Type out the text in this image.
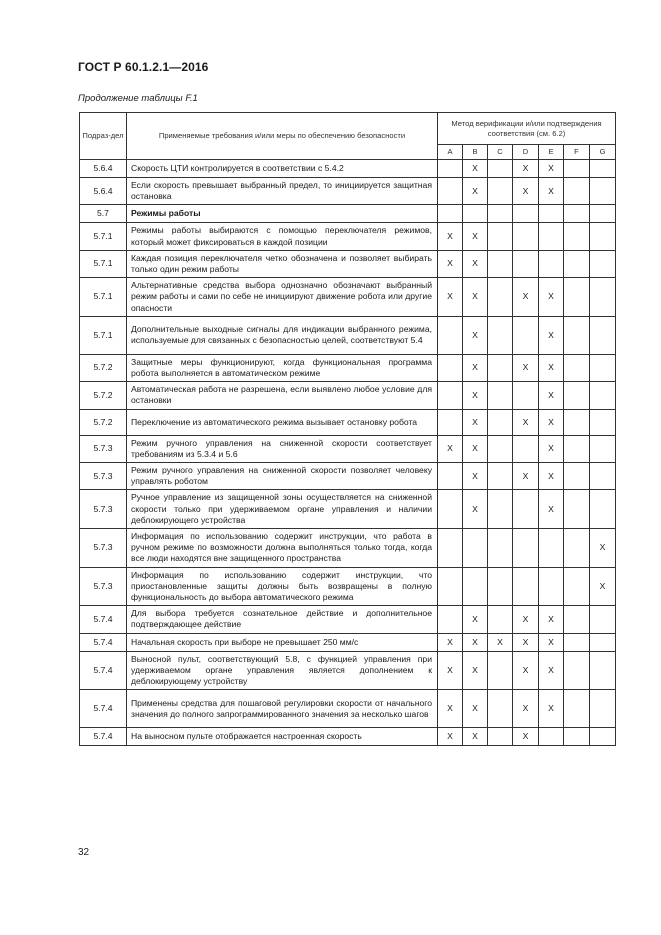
ГОСТ Р 60.1.2.1—2016
Продолжение таблицы F.1
Подраз-дел	Применяемые требования и/или меры по обеспечению безопасности	Метод верификации и/или подтверждения соответствия (см. 6.2)						
		A	B	C	D	E	F	G
5.6.4	Скорость ЦТИ контролируется в соответствии с 5.4.2		X		X	X		
5.6.4	Если скорость превышает выбранный предел, то инициируется защитная остановка		X		X	X		
5.7	Режимы работы							
5.7.1	Режимы работы выбираются с помощью переключателя режимов, который может фиксироваться в каждой позиции	X	X					
5.7.1	Каждая позиция переключателя четко обозначена и позволяет выбирать только один режим работы	X	X					
5.7.1	Альтернативные средства выбора однозначно обозначают выбранный режим работы и сами по себе не инициируют движение робота или другие опасности	X	X		X	X		
5.7.1	Дополнительные выходные сигналы для индикации выбранного режима, используемые для связанных с безопасностью целей, соответствуют 5.4		X			X		
5.7.2	Защитные меры функционируют, когда функциональная программа робота выполняется в автоматическом режиме		X		X	X		
5.7.2	Автоматическая работа не разрешена, если выявлено любое условие для остановки		X			X		
5.7.2	Переключение из автоматического режима вызывает остановку робота		X		X	X		
5.7.3	Режим ручного управления на сниженной скорости соответствует требованиям из 5.3.4 и 5.6	X	X			X		
5.7.3	Режим ручного управления на сниженной скорости позволяет человеку управлять роботом		X		X	X		
5.7.3	Ручное управление из защищенной зоны осуществляется на сниженной скорости только при удерживаемом органе управления и наличии деблокирующего устройства		X			X		
5.7.3	Информация по использованию содержит инструкции, что работа в ручном режиме по возможности должна выполняться только тогда, когда все люди находятся вне защищенного пространства							X
5.7.3	Информация по использованию содержит инструкции, что приостановленные защиты должны быть возвращены в полную функциональность до выбора автоматического режима							X
5.7.4	Для выбора требуется сознательное действие и дополнительное подтверждающее действие		X		X	X		
5.7.4	Начальная скорость при выборе не превышает 250 мм/с	X	X	X	X	X		
5.7.4	Выносной пульт, соответствующий 5.8, с функцией управления при удерживаемом органе управления является дополнением к деблокирующему устройству	X	X		X	X		
5.7.4	Применены средства для пошаговой регулировки скорости от начального значения до полного запрограммированного значения за несколько шагов	X	X		X	X		
5.7.4	На выносном пульте отображается настроенная скорость	X	X		X			
32
